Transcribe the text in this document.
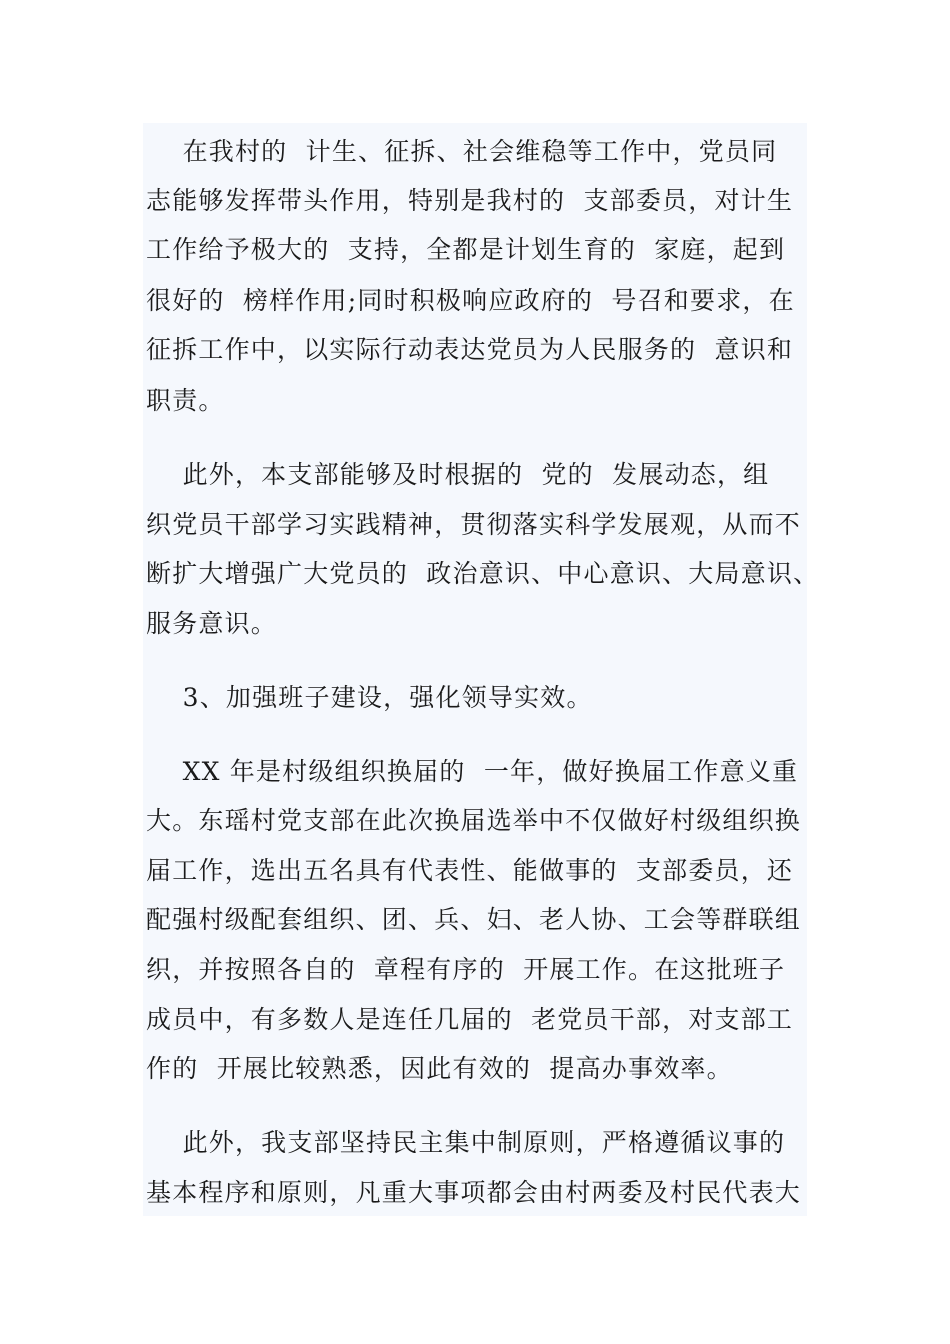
在我村的  计生、征拆、社会维稳等工作中，党员同
志能够发挥带头作用，特别是我村的  支部委员，对计生
工作给予极大的  支持，全都是计划生育的  家庭，起到
很好的  榜样作用;同时积极响应政府的  号召和要求，在
征拆工作中，以实际行动表达党员为人民服务的  意识和
职责。
此外，本支部能够及时根据的  党的  发展动态，组
织党员干部学习实践精神，贯彻落实科学发展观，从而不
断扩大增强广大党员的  政治意识、中心意识、大局意识、
服务意识。
3、加强班子建设，强化领导实效。
XX 年是村级组织换届的  一年，做好换届工作意义重
大。东瑶村党支部在此次换届选举中不仅做好村级组织换
届工作，选出五名具有代表性、能做事的  支部委员，还
配强村级配套组织、团、兵、妇、老人协、工会等群联组
织，并按照各自的  章程有序的  开展工作。在这批班子
成员中，有多数人是连任几届的  老党员干部，对支部工
作的  开展比较熟悉，因此有效的  提高办事效率。
此外，我支部坚持民主集中制原则，严格遵循议事的
基本程序和原则，凡重大事项都会由村两委及村民代表大
